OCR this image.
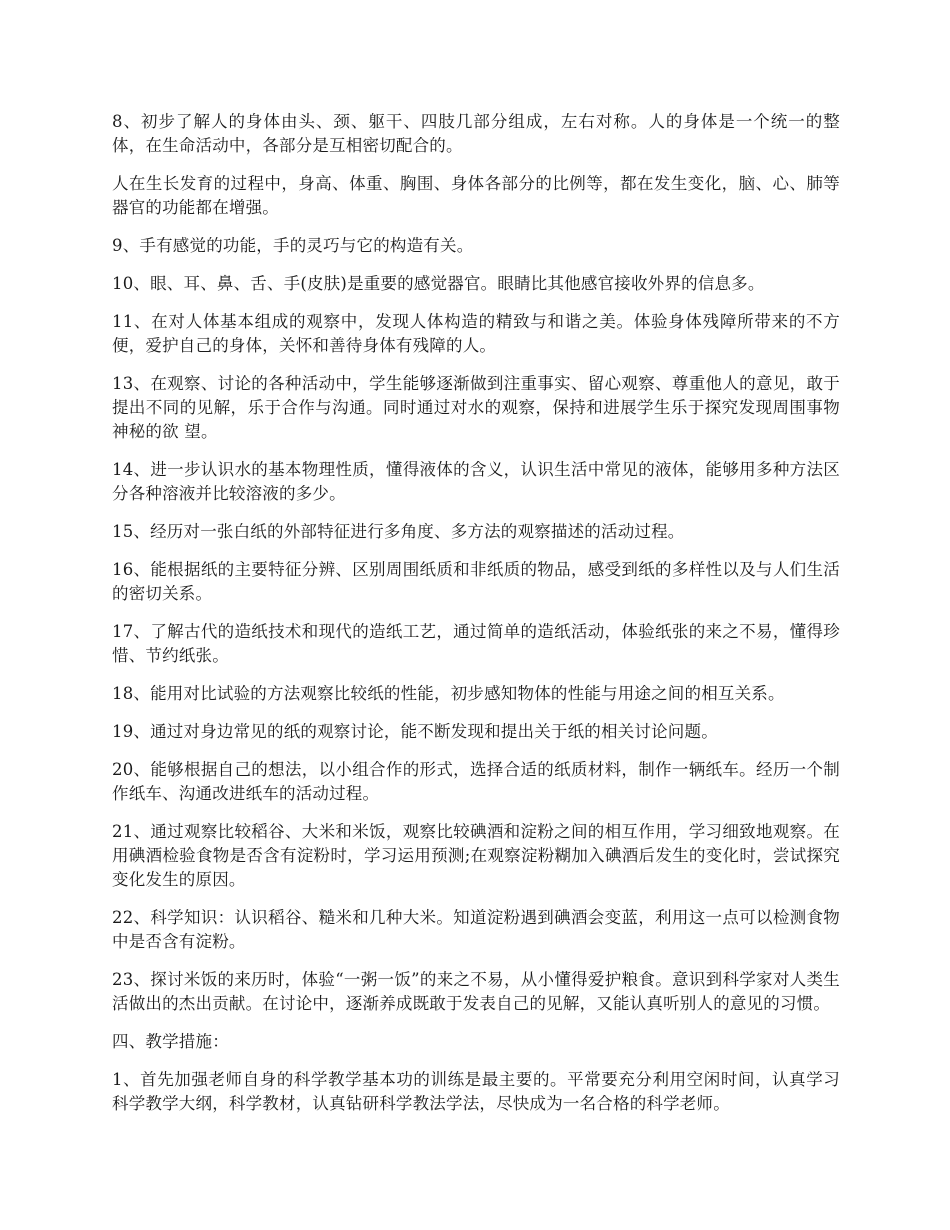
8、初步了解人的身体由头、颈、躯干、四肢几部分组成，左右对称。人的身体是一个统一的整体，在生命活动中，各部分是互相密切配合的。

人在生长发育的过程中，身高、体重、胸围、身体各部分的比例等，都在发生变化，脑、心、肺等器官的功能都在增强。

9、手有感觉的功能，手的灵巧与它的构造有关。

10、眼、耳、鼻、舌、手(皮肤)是重要的感觉器官。眼睛比其他感官接收外界的信息多。

11、在对人体基本组成的观察中，发现人体构造的精致与和谐之美。体验身体残障所带来的不方便，爱护自己的身体，关怀和善待身体有残障的人。

13、在观察、讨论的各种活动中，学生能够逐渐做到注重事实、留心观察、尊重他人的意见，敢于提出不同的见解，乐于合作与沟通。同时通过对水的观察，保持和进展学生乐于探究发现周围事物神秘的欲 望。

14、进一步认识水的基本物理性质，懂得液体的含义，认识生活中常见的液体，能够用多种方法区分各种溶液并比较溶液的多少。

15、经历对一张白纸的外部特征进行多角度、多方法的观察描述的活动过程。

16、能根据纸的主要特征分辨、区别周围纸质和非纸质的物品，感受到纸的多样性以及与人们生活的密切关系。

17、了解古代的造纸技术和现代的造纸工艺，通过简单的造纸活动，体验纸张的来之不易，懂得珍惜、节约纸张。

18、能用对比试验的方法观察比较纸的性能，初步感知物体的性能与用途之间的相互关系。

19、通过对身边常见的纸的观察讨论，能不断发现和提出关于纸的相关讨论问题。

20、能够根据自己的想法，以小组合作的形式，选择合适的纸质材料，制作一辆纸车。经历一个制作纸车、沟通改进纸车的活动过程。

21、通过观察比较稻谷、大米和米饭，观察比较碘酒和淀粉之间的相互作用，学习细致地观察。在用碘酒检验食物是否含有淀粉时，学习运用预测;在观察淀粉糊加入碘酒后发生的变化时，尝试探究变化发生的原因。

22、科学知识：认识稻谷、糙米和几种大米。知道淀粉遇到碘酒会变蓝，利用这一点可以检测食物中是否含有淀粉。

23、探讨米饭的来历时，体验“一粥一饭”的来之不易，从小懂得爱护粮食。意识到科学家对人类生活做出的杰出贡献。在讨论中，逐渐养成既敢于发表自己的见解，又能认真听别人的意见的习惯。

四、教学措施：

1、首先加强老师自身的科学教学基本功的训练是最主要的。平常要充分利用空闲时间，认真学习科学教学大纲，科学教材，认真钻研科学教法学法，尽快成为一名合格的科学老师。
